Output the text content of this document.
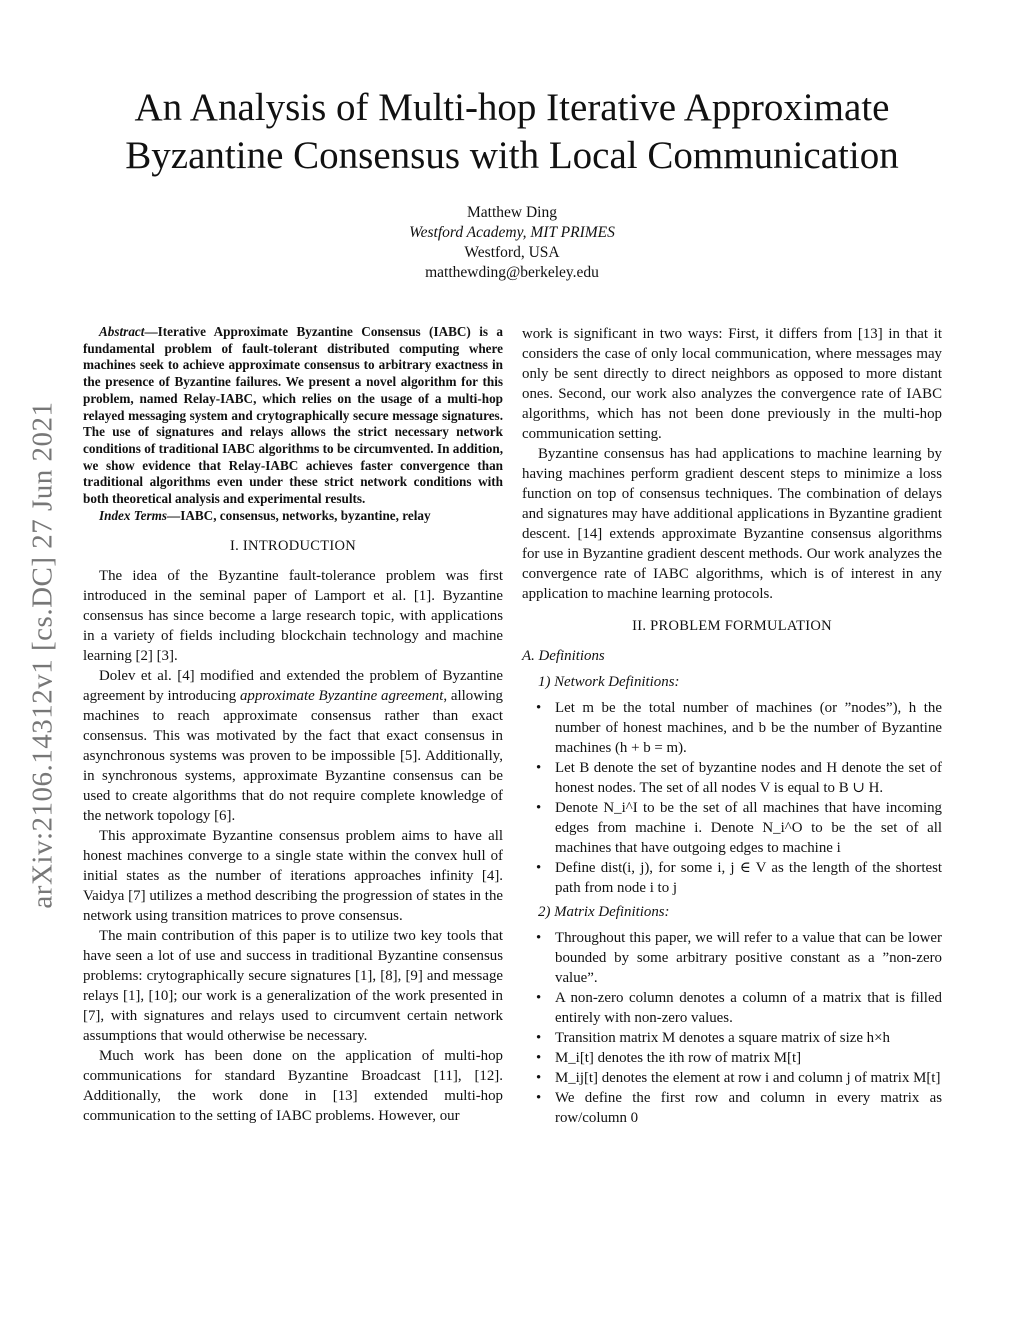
arXiv:2106.14312v1 [cs.DC] 27 Jun 2021
An Analysis of Multi-hop Iterative Approximate
Byzantine Consensus with Local Communication
Matthew Ding
Westford Academy, MIT PRIMES
Westford, USA
matthewding@berkeley.edu

Abstract—Iterative Approximate Byzantine Consensus (IABC) is a fundamental problem of fault-tolerant distributed computing where machines seek to achieve approximate consensus to arbitrary exactness in the presence of Byzantine failures. We present a novel algorithm for this problem, named Relay-IABC, which relies on the usage of a multi-hop relayed messaging system and crytographically secure message signatures. The use of signatures and relays allows the strict necessary network conditions of traditional IABC algorithms to be circumvented. In addition, we show evidence that Relay-IABC achieves faster convergence than traditional algorithms even under these strict network conditions with both theoretical analysis and experimental results.

Index Terms—IABC, consensus, networks, byzantine, relay

I. INTRODUCTION

The idea of the Byzantine fault-tolerance problem was first introduced in the seminal paper of Lamport et al. [1]. Byzantine consensus has since become a large research topic, with applications in a variety of fields including blockchain technology and machine learning [2] [3].

Dolev et al. [4] modified and extended the problem of Byzantine agreement by introducing approximate Byzantine agreement, allowing machines to reach approximate consensus rather than exact consensus. This was motivated by the fact that exact consensus in asynchronous systems was proven to be impossible [5]. Additionally, in synchronous systems, approximate Byzantine consensus can be used to create algorithms that do not require complete knowledge of the network topology [6].

This approximate Byzantine consensus problem aims to have all honest machines converge to a single state within the convex hull of initial states as the number of iterations approaches infinity [4]. Vaidya [7] utilizes a method describing the progression of states in the network using transition matrices to prove consensus.

The main contribution of this paper is to utilize two key tools that have seen a lot of use and success in traditional Byzantine consensus problems: crytographically secure signatures [1], [8], [9] and message relays [1], [10]; our work is a generalization of the work presented in [7], with signatures and relays used to circumvent certain network assumptions that would otherwise be necessary.

Much work has been done on the application of multi-hop communications for standard Byzantine Broadcast [11], [12]. Additionally, the work done in [13] extended multi-hop communication to the setting of IABC problems. However, our

work is significant in two ways: First, it differs from [13] in that it considers the case of only local communication, where messages may only be sent directly to direct neighbors as opposed to more distant ones. Second, our work also analyzes the convergence rate of IABC algorithms, which has not been done previously in the multi-hop communication setting.

Byzantine consensus has had applications to machine learning by having machines perform gradient descent steps to minimize a loss function on top of consensus techniques. The combination of delays and signatures may have additional applications in Byzantine gradient descent. [14] extends approximate Byzantine consensus algorithms for use in Byzantine gradient descent methods. Our work analyzes the convergence rate of IABC algorithms, which is of interest in any application to machine learning protocols.

II. PROBLEM FORMULATION
A. Definitions
1) Network Definitions:
• Let m be the total number of machines (or ”nodes”), h the number of honest machines, and b be the number of Byzantine machines (h + b = m).
• Let B denote the set of byzantine nodes and H denote the set of honest nodes. The set of all nodes V is equal to B ∪ H.
• Denote N_i^I to be the set of all machines that have incoming edges from machine i. Denote N_i^O to be the set of all machines that have outgoing edges to machine i
• Define dist(i, j), for some i, j ∈ V as the length of the shortest path from node i to j
2) Matrix Definitions:
• Throughout this paper, we will refer to a value that can be lower bounded by some arbitrary positive constant as a ”non-zero value”.
• A non-zero column denotes a column of a matrix that is filled entirely with non-zero values.
• Transition matrix M denotes a square matrix of size h×h
• M_i[t] denotes the ith row of matrix M[t]
• M_ij[t] denotes the element at row i and column j of matrix M[t]
• We define the first row and column in every matrix as row/column 0
